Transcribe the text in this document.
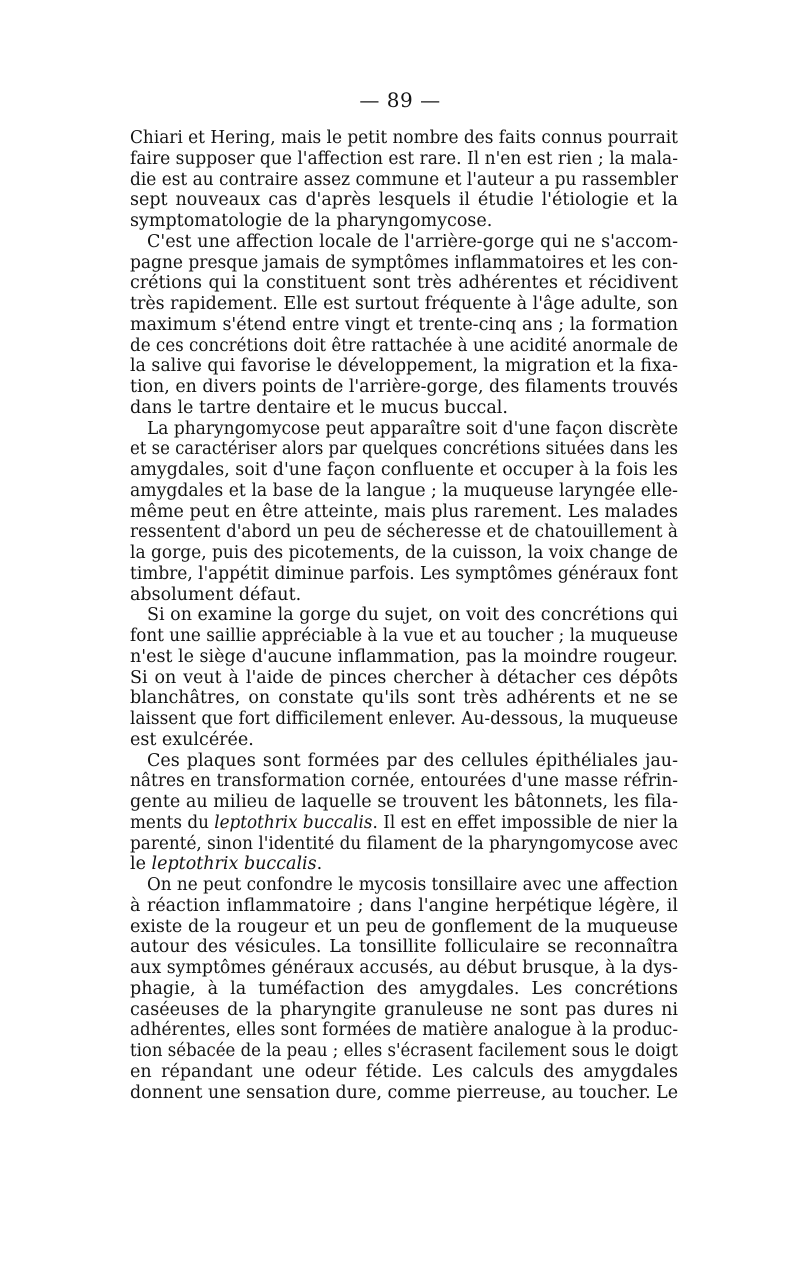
— 89 —
Chiari et Hering, mais le petit nombre des faits connus pourrait
faire supposer que l'affection est rare. Il n'en est rien ; la mala-
die est au contraire assez commune et l'auteur a pu rassembler
sept nouveaux cas d'après lesquels il étudie l'étiologie et la
symptomatologie de la pharyngomycose.
C'est une affection locale de l'arrière-gorge qui ne s'accom-
pagne presque jamais de symptômes inflammatoires et les con-
crétions qui la constituent sont très adhérentes et récidivent
très rapidement. Elle est surtout fréquente à l'âge adulte, son
maximum s'étend entre vingt et trente-cinq ans ; la formation
de ces concrétions doit être rattachée à une acidité anormale de
la salive qui favorise le développement, la migration et la fixa-
tion, en divers points de l'arrière-gorge, des filaments trouvés
dans le tartre dentaire et le mucus buccal.
La pharyngomycose peut apparaître soit d'une façon discrète
et se caractériser alors par quelques concrétions situées dans les
amygdales, soit d'une façon confluente et occuper à la fois les
amygdales et la base de la langue ; la muqueuse laryngée elle-
même peut en être atteinte, mais plus rarement. Les malades
ressentent d'abord un peu de sécheresse et de chatouillement à
la gorge, puis des picotements, de la cuisson, la voix change de
timbre, l'appétit diminue parfois. Les symptômes généraux font
absolument défaut.
Si on examine la gorge du sujet, on voit des concrétions qui
font une saillie appréciable à la vue et au toucher ; la muqueuse
n'est le siège d'aucune inflammation, pas la moindre rougeur.
Si on veut à l'aide de pinces chercher à détacher ces dépôts
blanchâtres, on constate qu'ils sont très adhérents et ne se
laissent que fort difficilement enlever. Au-dessous, la muqueuse
est exulcérée.
Ces plaques sont formées par des cellules épithéliales jau-
nâtres en transformation cornée, entourées d'une masse réfrin-
gente au milieu de laquelle se trouvent les bâtonnets, les fila-
ments du leptothrix buccalis. Il est en effet impossible de nier la
parenté, sinon l'identité du filament de la pharyngomycose avec
le leptothrix buccalis.
On ne peut confondre le mycosis tonsillaire avec une affection
à réaction inflammatoire ; dans l'angine herpétique légère, il
existe de la rougeur et un peu de gonflement de la muqueuse
autour des vésicules. La tonsillite folliculaire se reconnaîtra
aux symptômes généraux accusés, au début brusque, à la dys-
phagie, à la tuméfaction des amygdales. Les concrétions
caséeuses de la pharyngite granuleuse ne sont pas dures ni
adhérentes, elles sont formées de matière analogue à la produc-
tion sébacée de la peau ; elles s'écrasent facilement sous le doigt
en répandant une odeur fétide. Les calculs des amygdales
donnent une sensation dure, comme pierreuse, au toucher. Le
